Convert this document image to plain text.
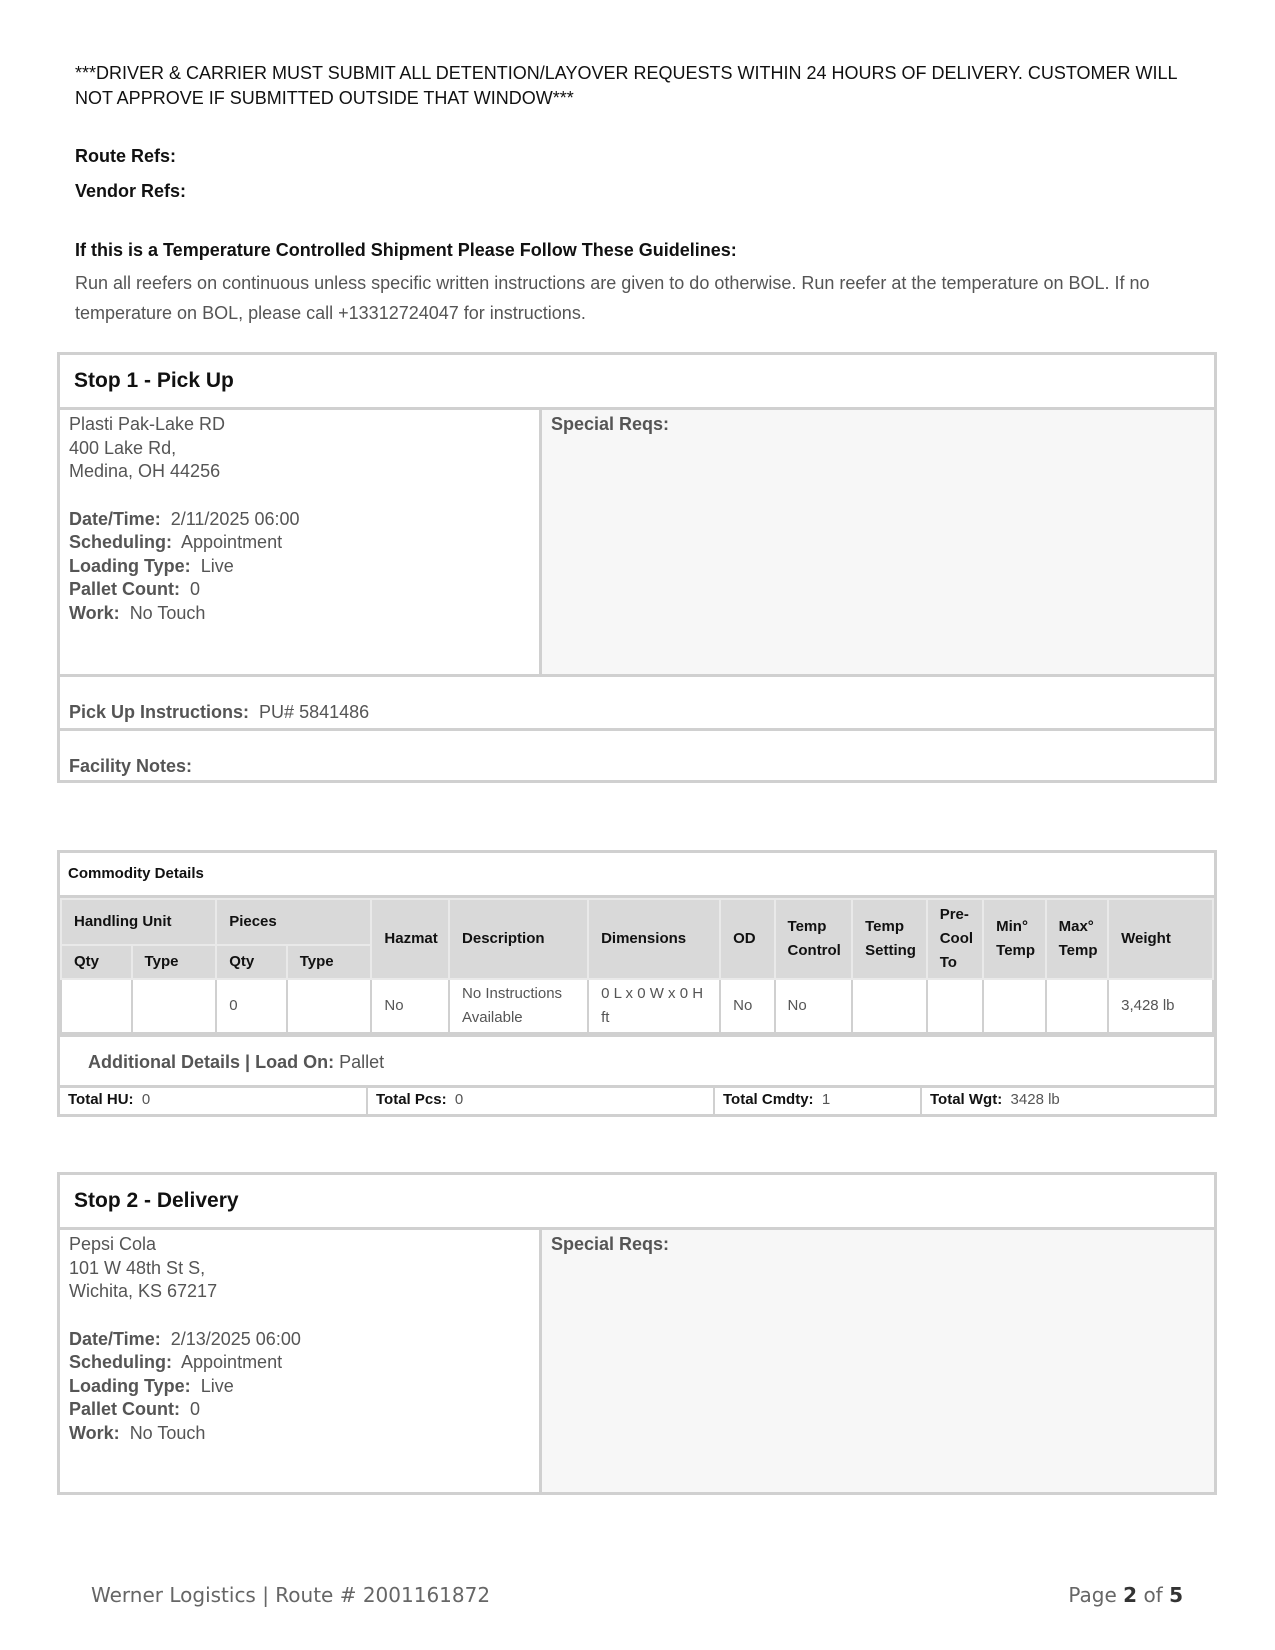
***DRIVER & CARRIER MUST SUBMIT ALL DETENTION/LAYOVER REQUESTS WITHIN 24 HOURS OF DELIVERY. CUSTOMER WILL NOT APPROVE IF SUBMITTED OUTSIDE THAT WINDOW***
Route Refs:
Vendor Refs:
If this is a Temperature Controlled Shipment Please Follow These Guidelines:
Run all reefers on continuous unless specific written instructions are given to do otherwise. Run reefer at the temperature on BOL. If no temperature on BOL, please call +13312724047 for instructions.
Stop 1 - Pick Up
Plasti Pak-Lake RD
400 Lake Rd,
Medina, OH 44256
Date/Time: 2/11/2025 06:00
Scheduling: Appointment
Loading Type: Live
Pallet Count: 0
Work: No Touch
Special Reqs:
Pick Up Instructions: PU# 5841486
Facility Notes:
Commodity Details
Handling Unit		Pieces		Hazmat	Description	Dimensions	OD	Temp Control	Temp Setting	Pre-Cool To	Min° Temp	Max° Temp	Weight
Qty	Type	Qty	Type										
		0		No	No Instructions Available	0 L x 0 W x 0 H ft	No	No					3,428 lb
Additional Details | Load On: Pallet
Total HU: 0	Total Pcs: 0	Total Cmdty: 1	Total Wgt: 3428 lb
Stop 2 - Delivery
Pepsi Cola
101 W 48th St S,
Wichita, KS 67217
Date/Time: 2/13/2025 06:00
Scheduling: Appointment
Loading Type: Live
Pallet Count: 0
Work: No Touch
Special Reqs:
Werner Logistics | Route # 2001161872	Page 2 of 5
